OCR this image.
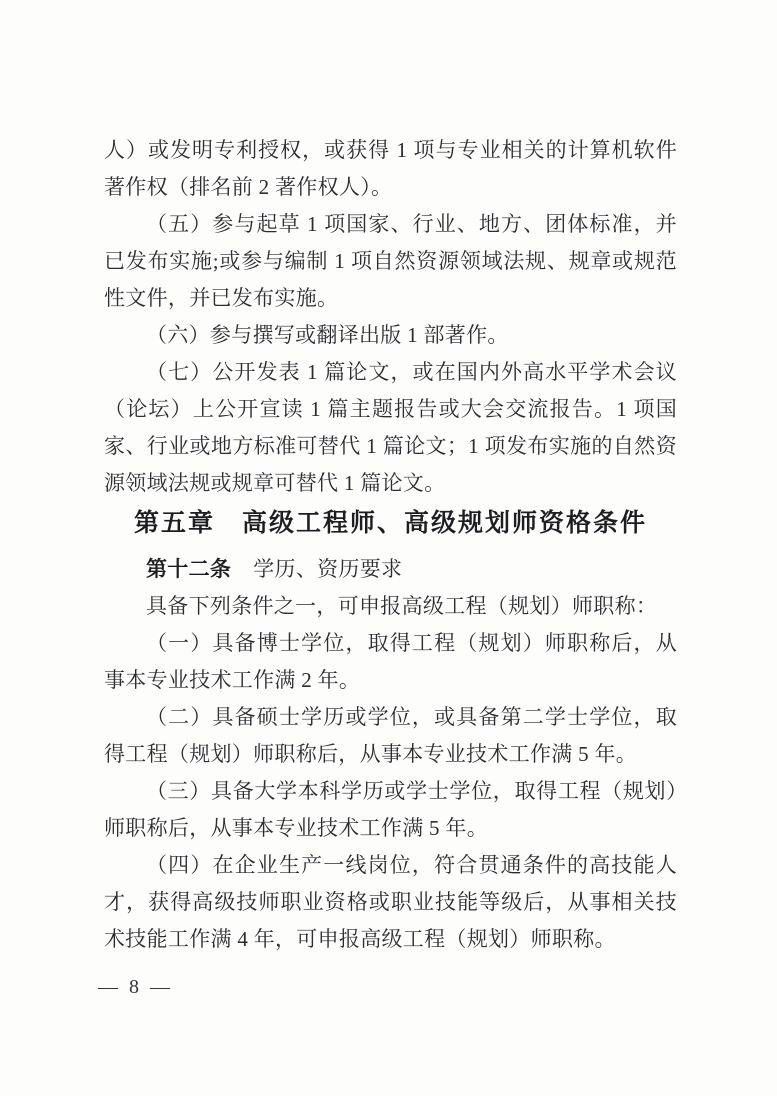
人）或发明专利授权，或获得 1 项与专业相关的计算机软件著作权（排名前 2 著作权人）。

（五）参与起草 1 项国家、行业、地方、团体标准，并已发布实施;或参与编制 1 项自然资源领域法规、规章或规范性文件，并已发布实施。

（六）参与撰写或翻译出版 1 部著作。

（七）公开发表 1 篇论文，或在国内外高水平学术会议（论坛）上公开宣读 1 篇主题报告或大会交流报告。1 项国家、行业或地方标准可替代 1 篇论文；1 项发布实施的自然资源领域法规或规章可替代 1 篇论文。

第五章　高级工程师、高级规划师资格条件

第十二条 学历、资历要求

具备下列条件之一，可申报高级工程（规划）师职称：

（一）具备博士学位，取得工程（规划）师职称后，从事本专业技术工作满 2 年。

（二）具备硕士学历或学位，或具备第二学士学位，取得工程（规划）师职称后，从事本专业技术工作满 5 年。

（三）具备大学本科学历或学士学位，取得工程（规划）师职称后，从事本专业技术工作满 5 年。

（四）在企业生产一线岗位，符合贯通条件的高技能人才，获得高级技师职业资格或职业技能等级后，从事相关技术技能工作满 4 年，可申报高级工程（规划）师职称。

— 8 —
